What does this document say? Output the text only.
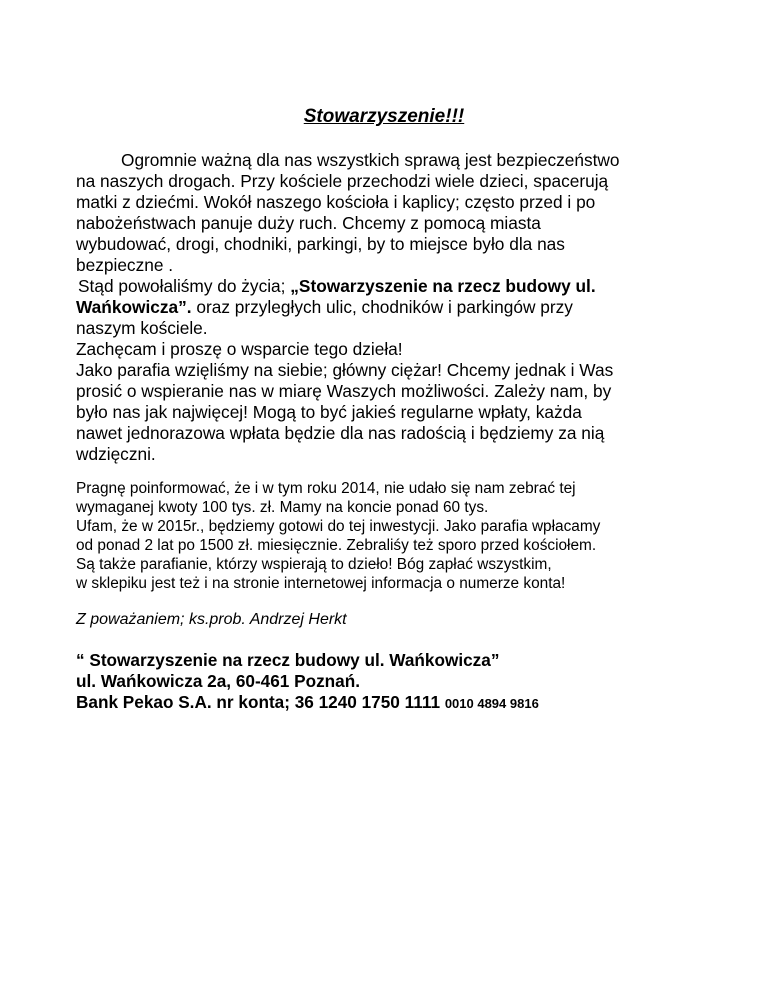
Stowarzyszenie!!!
Ogromnie ważną dla nas wszystkich sprawą jest bezpieczeństwo
na naszych drogach. Przy kościele przechodzi wiele dzieci, spacerują
matki z dziećmi. Wokół naszego kościoła i kaplicy; często przed i po
nabożeństwach panuje duży ruch. Chcemy z pomocą miasta
wybudować, drogi, chodniki, parkingi, by to miejsce było dla nas
bezpieczne .
Stąd powołaliśmy do życia; „Stowarzyszenie na rzecz budowy ul.
Wańkowicza”. oraz przyległych ulic, chodników i parkingów przy
naszym kościele.
Zachęcam i proszę o wsparcie tego dzieła!
Jako parafia wzięliśmy na siebie; główny ciężar! Chcemy jednak i Was
prosić o wspieranie nas w miarę Waszych możliwości. Zależy nam, by
było nas jak najwięcej! Mogą to być jakieś regularne wpłaty, każda
nawet jednorazowa wpłata będzie dla nas radością i będziemy za nią
wdzięczni.
Pragnę poinformować, że i w tym roku 2014, nie udało się nam zebrać tej
wymaganej kwoty 100 tys. zł. Mamy na koncie ponad 60 tys.
Ufam, że w 2015r., będziemy gotowi do tej inwestycji. Jako parafia wpłacamy
od ponad 2 lat po 1500 zł. miesięcznie. Zebraliśy też sporo przed kościołem.
Są także parafianie, którzy wspierają to dzieło! Bóg zapłać wszystkim,
w sklepiku jest też i na stronie internetowej informacja o numerze konta!
Z poważaniem; ks.prob. Andrzej Herkt
“ Stowarzyszenie na rzecz budowy ul. Wańkowicza”
ul. Wańkowicza 2a, 60-461 Poznań.
Bank Pekao S.A. nr konta; 36 1240 1750 1111 0010 4894 9816
